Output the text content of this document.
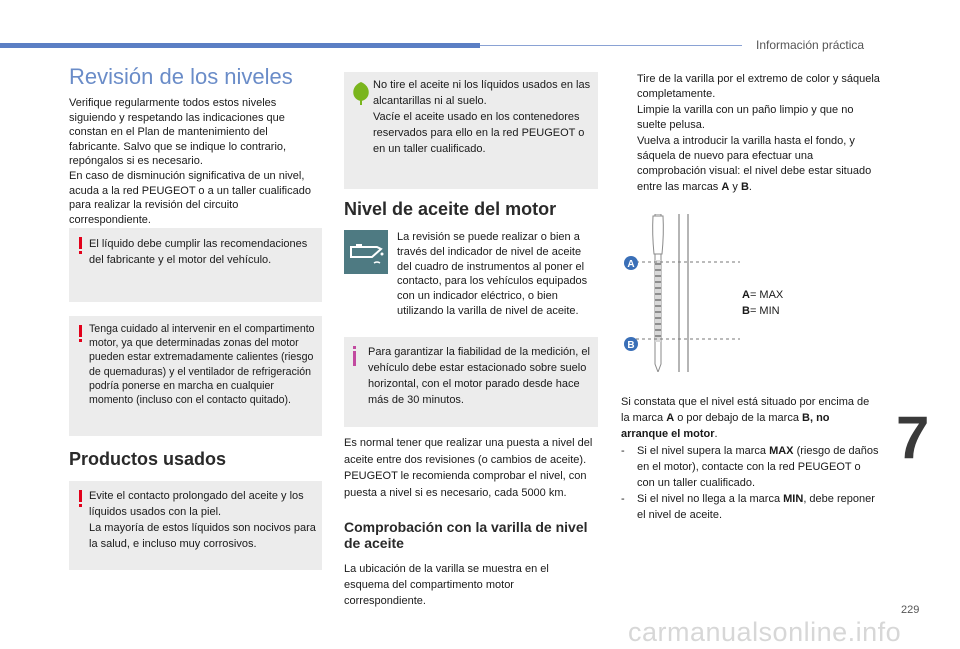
Información práctica
Revisión de los niveles
Verifique regularmente todos estos niveles siguiendo y respetando las indicaciones que constan en el Plan de mantenimiento del fabricante. Salvo que se indique lo contrario, repóngalos si es necesario.
En caso de disminución significativa de un nivel, acuda a la red PEUGEOT o a un taller cualificado para realizar la revisión del circuito correspondiente.
El líquido debe cumplir las recomendaciones del fabricante y el motor del vehículo.
Tenga cuidado al intervenir en el compartimento motor, ya que determinadas zonas del motor pueden estar extremadamente calientes (riesgo de quemaduras) y el ventilador de refrigeración podría ponerse en marcha en cualquier momento (incluso con el contacto quitado).
Productos usados
Evite el contacto prolongado del aceite y los líquidos usados con la piel.
La mayoría de estos líquidos son nocivos para la salud, e incluso muy corrosivos.
No tire el aceite ni los líquidos usados en las alcantarillas ni al suelo.
Vacíe el aceite usado en los contenedores reservados para ello en la red PEUGEOT o en un taller cualificado.
Nivel de aceite del motor
La revisión se puede realizar o bien a través del indicador de nivel de aceite del cuadro de instrumentos al poner el contacto, para los vehículos equipados con un indicador eléctrico, o bien utilizando la varilla de nivel de aceite.
Para garantizar la fiabilidad de la medición, el vehículo debe estar estacionado sobre suelo horizontal, con el motor parado desde hace más de 30 minutos.
Es normal tener que realizar una puesta a nivel del aceite entre dos revisiones (o cambios de aceite). PEUGEOT le recomienda comprobar el nivel, con puesta a nivel si es necesario, cada 5000 km.
Comprobación con la varilla de nivel de aceite
La ubicación de la varilla se muestra en el esquema del compartimento motor correspondiente.
Tire de la varilla por el extremo de color y sáquela completamente.
Limpie la varilla con un paño limpio y que no suelte pelusa.
Vuelva a introducir la varilla hasta el fondo, y sáquela de nuevo para efectuar una comprobación visual: el nivel debe estar situado entre las marcas A y B.
A
B
A= MAX
B= MIN
Si constata que el nivel está situado por encima de la marca A o por debajo de la marca B, no arranque el motor.
-	Si el nivel supera la marca MAX (riesgo de daños en el motor), contacte con la red PEUGEOT o con un taller cualificado.
-	Si el nivel no llega a la marca MIN, debe reponer el nivel de aceite.
7
229
carmanualsonline.info
